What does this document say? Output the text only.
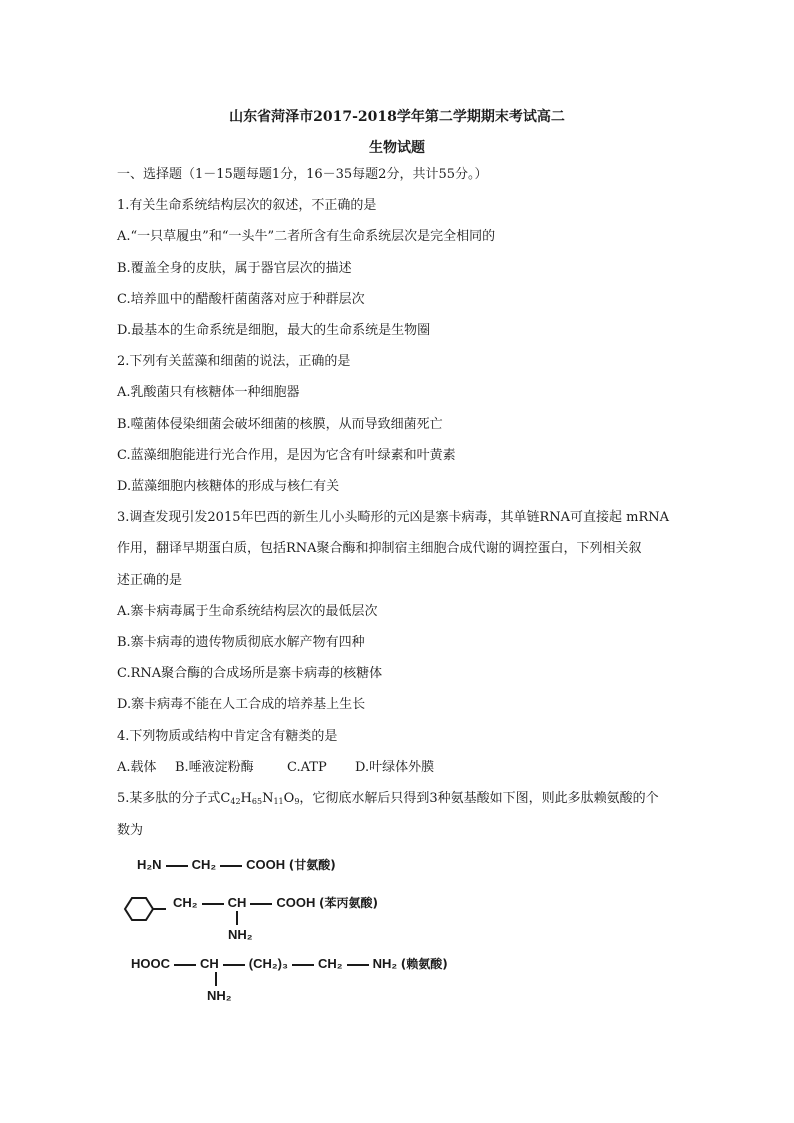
山东省菏泽市2017-2018学年第二学期期末考试高二
生物试题
一、选择题（1－15题每题1分，16－35每题2分，共计55分。）
1.有关生命系统结构层次的叙述，不正确的是
A.“一只草履虫”和“一头牛”二者所含有生命系统层次是完全相同的
B.覆盖全身的皮肤，属于器官层次的描述
C.培养皿中的醋酸杆菌菌落对应于种群层次
D.最基本的生命系统是细胞，最大的生命系统是生物圈
2.下列有关蓝藻和细菌的说法，正确的是
A.乳酸菌只有核糖体一种细胞器
B.噬菌体侵染细菌会破坏细菌的核膜，从而导致细菌死亡
C.蓝藻细胞能进行光合作用，是因为它含有叶绿素和叶黄素
D.蓝藻细胞内核糖体的形成与核仁有关
3.调查发现引发2015年巴西的新生儿小头畸形的元凶是寨卡病毒，其单链RNA可直接起 mRNA
作用，翻译早期蛋白质，包括RNA聚合酶和抑制宿主细胞合成代谢的调控蛋白，下列相关叙
述正确的是
A.寨卡病毒属于生命系统结构层次的最低层次
B.寨卡病毒的遗传物质彻底水解产物有四种
C.RNA聚合酶的合成场所是寨卡病毒的核糖体
D.寨卡病毒不能在人工合成的培养基上生长
4.下列物质或结构中肯定含有糖类的是
A.载体 B.唾液淀粉酶	C.ATP D.叶绿体外膜
5.某多肽的分子式$C_{42}H_{65}N_{11}O_9$，它彻底水解后只得到3种氨基酸如下图，则此多肽赖氨酸的个
数为
H₂N CH₂ COOH (甘氨酸)
CH₂ CH COOH (苯丙氨酸)
NH₂
HOOC CH (CH₂)₃ CH₂ NH₂ (赖氨酸)
NH₂
